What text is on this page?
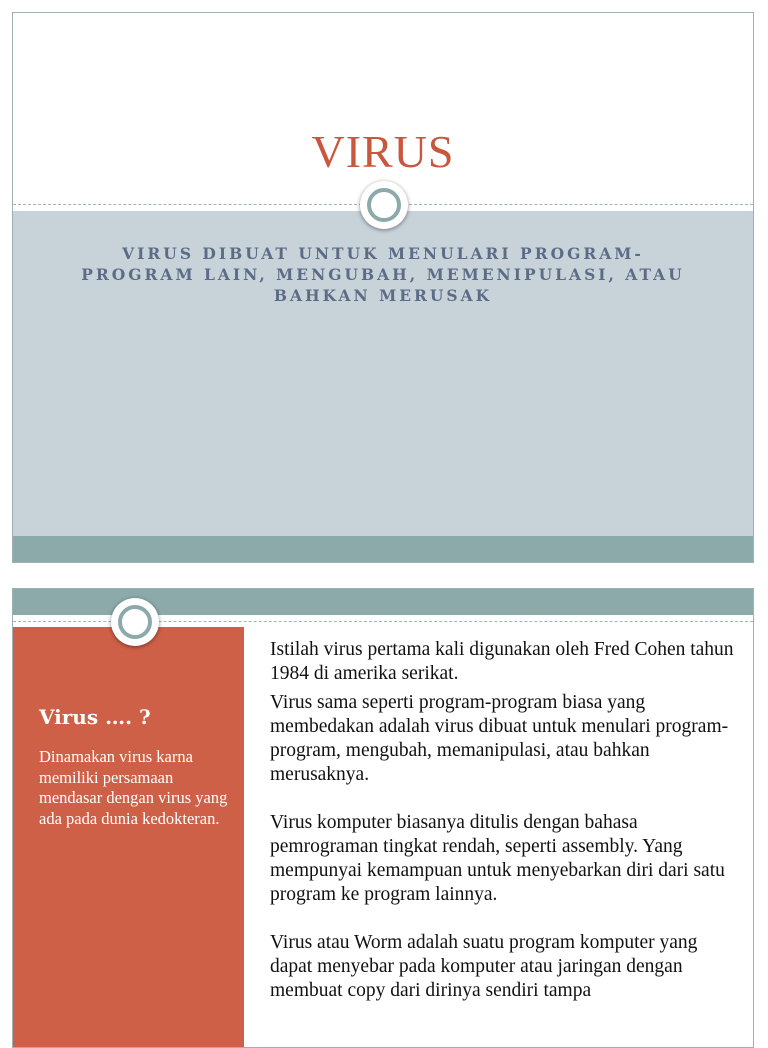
VIRUS
VIRUS DIBUAT UNTUK MENULARI PROGRAM-PROGRAM LAIN, MENGUBAH, MEMENIPULASI, ATAU BAHKAN MERUSAK
Virus …. ?
Dinamakan virus karna memiliki persamaan mendasar dengan virus yang ada pada dunia kedokteran.

Istilah virus pertama kali digunakan oleh Fred Cohen tahun 1984 di amerika serikat.

Virus sama seperti program-program biasa yang membedakan adalah virus dibuat untuk menulari program-program, mengubah, memanipulasi, atau bahkan merusaknya.

Virus komputer biasanya ditulis dengan bahasa pemrograman tingkat rendah, seperti assembly. Yang mempunyai kemampuan untuk menyebarkan diri dari satu program ke program lainnya.

Virus atau Worm adalah suatu program komputer yang dapat menyebar pada komputer atau jaringan dengan membuat copy dari dirinya sendiri tampa
